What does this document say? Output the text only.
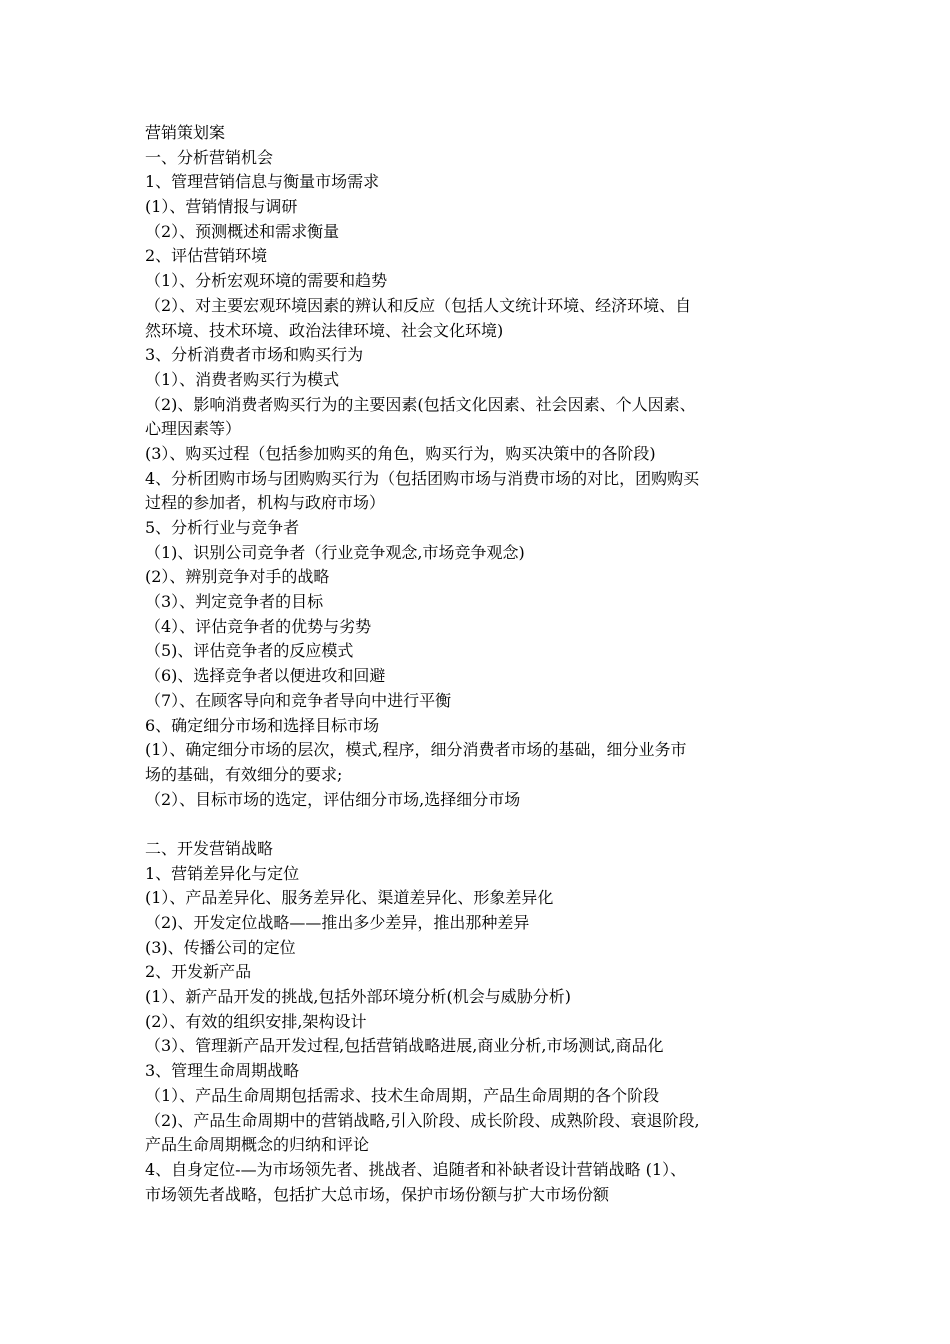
营销策划案
一、分析营销机会
1、管理营销信息与衡量市场需求
(1）、营销情报与调研
（2）、预测概述和需求衡量
2、评估营销环境
（1）、分析宏观环境的需要和趋势
（2）、对主要宏观环境因素的辨认和反应（包括人文统计环境、经济环境、自
然环境、技术环境、政治法律环境、社会文化环境)
3、分析消费者市场和购买行为
（1）、消费者购买行为模式
（2)、影响消费者购买行为的主要因素(包括文化因素、社会因素、个人因素、
心理因素等）
(3）、购买过程（包括参加购买的角色，购买行为，购买决策中的各阶段)
4、分析团购市场与团购购买行为（包括团购市场与消费市场的对比，团购购买
过程的参加者，机构与政府市场）
5、分析行业与竞争者
（1)、识别公司竞争者（行业竞争观念,市场竞争观念)
(2）、辨别竞争对手的战略
（3）、判定竞争者的目标
（4）、评估竞争者的优势与劣势
（5)、评估竞争者的反应模式
（6)、选择竞争者以便进攻和回避
（7）、在顾客导向和竞争者导向中进行平衡
6、确定细分市场和选择目标市场
(1）、确定细分市场的层次，模式,程序，细分消费者市场的基础，细分业务市
场的基础，有效细分的要求;
（2）、目标市场的选定，评估细分市场,选择细分市场
二、开发营销战略
1、营销差异化与定位
(1）、产品差异化、服务差异化、渠道差异化、形象差异化
（2)、开发定位战略——推出多少差异，推出那种差异
(3)、传播公司的定位
2、开发新产品
(1）、新产品开发的挑战,包括外部环境分析(机会与威胁分析)
(2）、有效的组织安排,架构设计
（3）、管理新产品开发过程,包括营销战略进展,商业分析,市场测试,商品化
3、管理生命周期战略
（1）、产品生命周期包括需求、技术生命周期，产品生命周期的各个阶段
（2)、产品生命周期中的营销战略,引入阶段、成长阶段、成熟阶段、衰退阶段,
产品生命周期概念的归纳和评论
4、自身定位-—为市场领先者、挑战者、追随者和补缺者设计营销战略 (1）、
市场领先者战略，包括扩大总市场，保护市场份额与扩大市场份额
